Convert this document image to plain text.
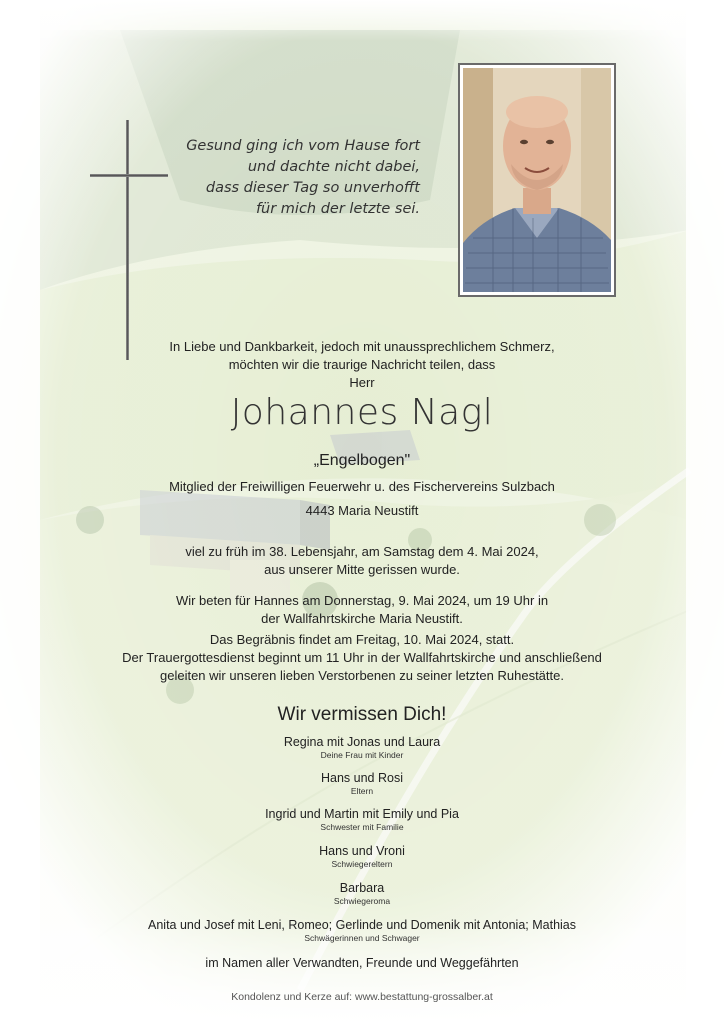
Gesund ging ich vom Hause fort
und dachte nicht dabei,
dass dieser Tag so unverhofft
für mich der letzte sei.
In Liebe und Dankbarkeit, jedoch mit unaussprechlichem Schmerz,
möchten wir die traurige Nachricht teilen, dass
Herr
Johannes Nagl
„Engelbogen"
Mitglied der Freiwilligen Feuerwehr u. des Fischervereins Sulzbach
4443 Maria Neustift
viel zu früh im 38. Lebensjahr, am Samstag dem 4. Mai 2024,
aus unserer Mitte gerissen wurde.
Wir beten für Hannes am Donnerstag, 9. Mai 2024, um 19 Uhr in
der Wallfahrtskirche Maria Neustift.
Das Begräbnis findet am Freitag, 10. Mai 2024, statt.
Der Trauergottesdienst beginnt um 11 Uhr in der Wallfahrtskirche und anschließend
geleiten wir unseren lieben Verstorbenen zu seiner letzten Ruhestätte.
Wir vermissen Dich!
Regina mit Jonas und Laura
Deine Frau mit Kinder
Hans und Rosi
Eltern
Ingrid und Martin mit Emily und Pia
Schwester mit Familie
Hans und Vroni
Schwiegereltern
Barbara
Schwiegeroma
Anita und Josef mit Leni, Romeo; Gerlinde und Domenik mit Antonia; Mathias
Schwägerinnen und Schwager
im Namen aller Verwandten, Freunde und Weggefährten
Kondolenz und Kerze auf: www.bestattung-grossalber.at
